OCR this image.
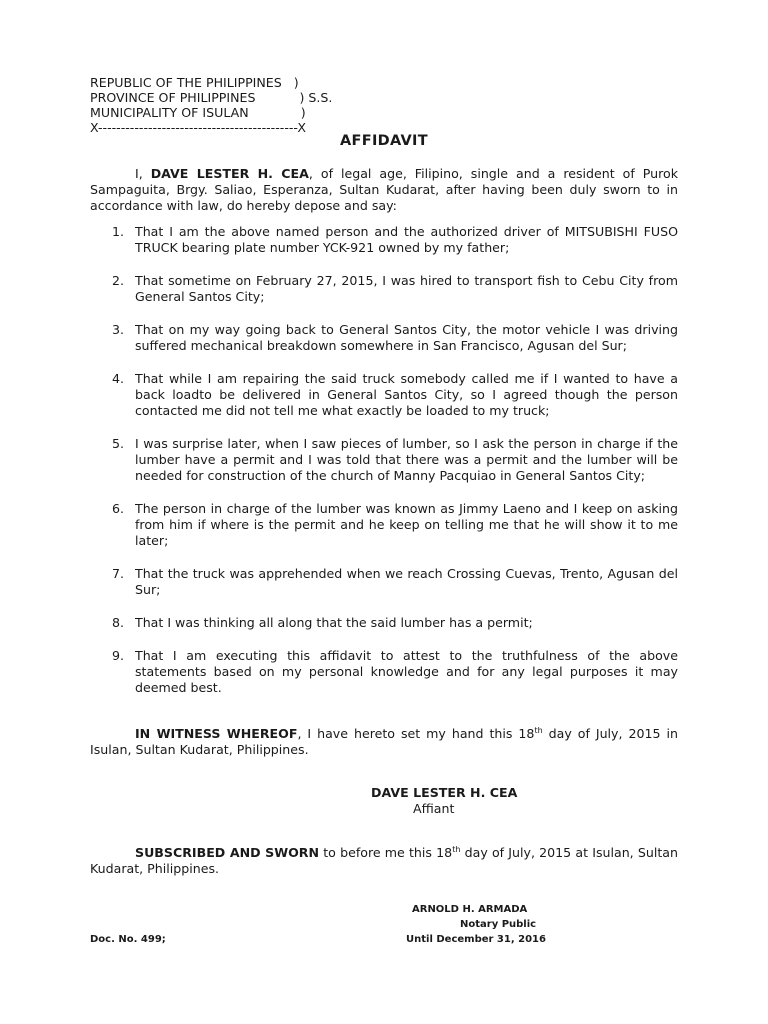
REPUBLIC OF THE PHILIPPINES   )
PROVINCE OF PHILIPPINES           ) S.S.
MUNICIPALITY OF ISULAN             )
X--------------------------------------------X
AFFIDAVIT
I, DAVE LESTER H. CEA, of legal age, Filipino, single and a resident of Purok Sampaguita, Brgy. Saliao, Esperanza, Sultan Kudarat, after having been duly sworn to in accordance with law, do hereby depose and say:
1. That I am the above named person and the authorized driver of MITSUBISHI FUSO TRUCK bearing plate number YCK-921 owned by my father;
2. That sometime on February 27, 2015, I was hired to transport fish to Cebu City from General Santos City;
3. That on my way going back to General Santos City, the motor vehicle I was driving suffered mechanical breakdown somewhere in San Francisco, Agusan del Sur;
4. That while I am repairing the said truck somebody called me if I wanted to have a back loadto be delivered in General Santos City, so I agreed though the person contacted me did not tell me what exactly be loaded to my truck;
5. I was surprise later, when I saw pieces of lumber, so I ask the person in charge if the lumber have a permit and I was told that there was a permit and the lumber will be needed for construction of the church of Manny Pacquiao in General Santos City;
6. The person in charge of the lumber was known as Jimmy Laeno and I keep on asking from him if where is the permit and he keep on telling me that he will show it to me later;
7. That the truck was apprehended when we reach Crossing Cuevas, Trento, Agusan del Sur;
8. That I was thinking all along that the said lumber has a permit;
9. That I am executing this affidavit to attest to the truthfulness of the above statements based on my personal knowledge and for any legal purposes it may deemed best.
IN WITNESS WHEREOF, I have hereto set my hand this 18th day of July, 2015 in Isulan, Sultan Kudarat, Philippines.
DAVE LESTER H. CEA
Affiant
SUBSCRIBED AND SWORN to before me this 18th day of July, 2015 at Isulan, Sultan Kudarat, Philippines.
ARNOLD H. ARMADA
Notary Public
Doc. No. 499;	Until December 31, 2016
